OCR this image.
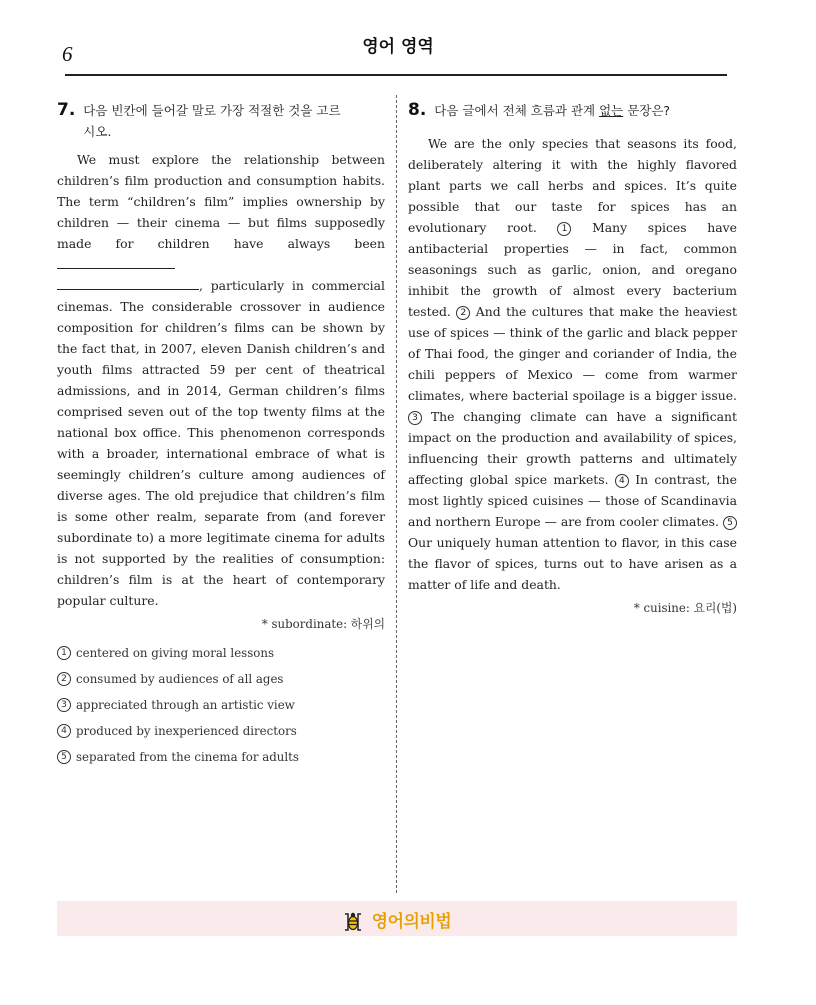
6	영어 영역
7. 다음 빈칸에 들어갈 말로 가장 적절한 것을 고르
시오.

We must explore the relationship between children’s film production and consumption habits. The term “children’s film” implies ownership by children — their cinema — but films supposedly made for children have always been
, particularly in commercial cinemas. The considerable crossover in audience composition for children’s films can be shown by the fact that, in 2007, eleven Danish children’s and youth films attracted 59 per cent of theatrical admissions, and in 2014, German children’s films comprised seven out of the top twenty films at the national box office. This phenomenon corresponds with a broader, international embrace of what is seemingly children’s culture among audiences of diverse ages. The old prejudice that children’s film is some other realm, separate from (and forever subordinate to) a more legitimate cinema for adults is not supported by the realities of consumption: children’s film is at the heart of contemporary popular culture.

* subordinate: 하위의
1 centered on giving moral lessons
2 consumed by audiences of all ages
3 appreciated through an artistic view
4 produced by inexperienced directors
5 separated from the cinema for adults
8. 다음 글에서 전체 흐름과 관계 없는 문장은?

We are the only species that seasons its food, deliberately altering it with the highly flavored plant parts we call herbs and spices. It’s quite possible that our taste for spices has an evolutionary root.	1 Many spices have antibacterial properties — in fact, common seasonings such as garlic, onion, and oregano inhibit the growth of almost every bacterium tested. 2 And the cultures that make the heaviest use of spices — think of the garlic and black pepper of Thai food, the ginger and coriander of India, the chili peppers of Mexico — come from warmer climates, where bacterial spoilage is a bigger issue. 3 The changing climate can have a significant impact on the production and availability of spices, influencing their growth patterns and ultimately affecting global spice markets. 4 In contrast, the most lightly spiced cuisines — those of Scandinavia and northern Europe — are from cooler climates. 5 Our uniquely human attention to flavor, in this case the flavor of spices, turns out to have arisen as a matter of life and death.

* cuisine: 요리(법)
영어의비법
